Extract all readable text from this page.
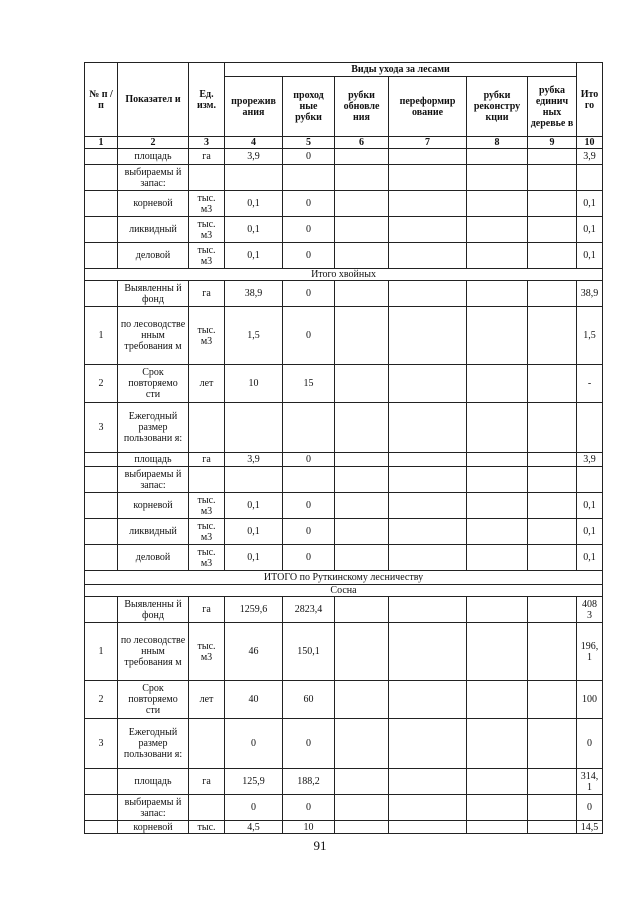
№ п /п	Показател и	Ед. изм.	Виды ухода за лесами						Ито го
			прорежив ания	проход ные рубки	рубки обновле ния	переформир ование	рубки реконстру кции	рубка единич ных деревье в	
1	2	3	4	5	6	7	8	9	10
	площадь	га	3,9	0					3,9
	выбираемы й запас:								
	корневой	тыс. м3	0,1	0					0,1
	ликвидный	тыс. м3	0,1	0					0,1
	деловой	тыс. м3	0,1	0					0,1
Итого хвойных									
	Выявленны й фонд	га	38,9	0					38,9
1	по лесоводстве нным требования м	тыс. м3	1,5	0					1,5
2	Срок повторяемо сти	лет	10	15					-
3	Ежегодный размер пользовани я:								
	площадь	га	3,9	0					3,9
	выбираемы й запас:								
	корневой	тыс. м3	0,1	0					0,1
	ликвидный	тыс. м3	0,1	0					0,1
	деловой	тыс. м3	0,1	0					0,1
ИТОГО по Руткинскому лесничеству									
Сосна									
	Выявленны й фонд	га	1259,6	2823,4					408 3
1	по лесоводстве нным требования м	тыс. м3	46	150,1					196, 1
2	Срок повторяемо сти	лет	40	60					100
3	Ежегодный размер пользовани я:		0	0					0
	площадь	га	125,9	188,2					314, 1
	выбираемы й запас:		0	0					0
	корневой	тыс.	4,5	10					14,5
91
